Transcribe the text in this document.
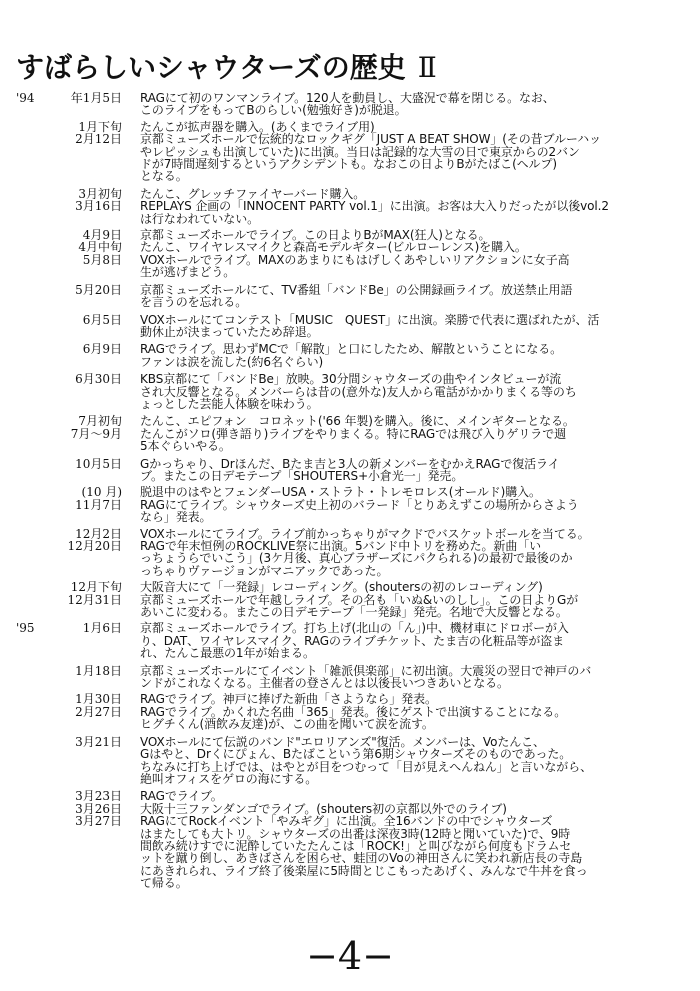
すばらしいシャウターズの歴史 Ⅱ
'94	年1月5日	RAGにて初のワンマンライブ。120人を動員し、大盛況で幕を閉じる。なお、
このライブをもってBのらしい(勉強好き)が脱退。
1月下旬	たんこが拡声器を購入。(あくまでライブ用)
2月12日	京都ミューズホールで伝統的なロックギグ「JUST A BEAT SHOW」(その昔ブルーハッ
やレピッシュも出演していた)に出演。当日は記録的な大雪の日で東京からの2バン
ドが7時間遅刻するというアクシデントも。なおこの日よりBがたばこ(ヘルプ)
となる。
3月初旬	たんこ、グレッチファイヤーバード購入。
3月16日	REPLAYS 企画の「INNOCENT PARTY vol.1」に出演。お客は大入りだったが以後vol.2
は行なわれていない。
4月9日	京都ミューズホールでライブ。この日よりBがMAX(狂人)となる。
4月中旬	たんこ、ワイヤレスマイクと森高モデルギター(ビルローレンス)を購入。
5月8日	VOXホールでライブ。MAXのあまりにもはげしくあやしいリアクションに女子高
生が逃げまどう。
5月20日	京都ミューズホールにて、TV番組「バンドBe」の公開録画ライブ。放送禁止用語
を言うのを忘れる。
6月5日	VOXホールにてコンテスト「MUSIC　QUEST」に出演。楽勝で代表に選ばれたが、活
動休止が決まっていたため辞退。
6月9日	RAGでライブ。思わずMCで「解散」と口にしたため、解散ということになる。
ファンは涙を流した(約6名ぐらい)
6月30日	KBS京都にて「バンドBe」放映。30分間シャウターズの曲やインタビューが流
され大反響となる。メンバーらは昔の(意外な)友人から電話がかかりまくる等のち
ょっとした芸能人体験を味わう。
7月初旬	たんこ、エピフォン　コロネット('66 年製)を購入。後に、メインギターとなる。
7月〜9月	たんこがソロ(弾き語り)ライブをやりまくる。特にRAGでは飛び入りゲリラで週
5本ぐらいやる。
10月5日	Gかっちゃり、Drほんだ、Bたま吉と3人の新メンバーをむかえRAGで復活ライ
ブ。またこの日デモテープ「SHOUTERS+小倉光一」発売。
(10 月)	脱退中のはやとフェンダーUSA・ストラト・トレモロレス(オールド)購入。
11月7日	RAGにてライブ。シャウターズ史上初のバラード「とりあえずこの場所からさよう
なら」発表。
12月2日	VOXホールにてライブ。ライブ前かっちゃりがマクドでバスケットボールを当てる。
12月20日	RAGで年末恒例のROCKLIVE祭に出演。5バンド中トリを務めた。新曲「い
っちょうらでいこう」(3ケ月後、真心ブラザーズにパクられる)の最初で最後のか
っちゃりヴァージョンがマニアックであった。
12月下旬	大阪音大にて「一発録」レコーディング。(shoutersの初のレコーディング)
12月31日	京都ミューズホールで年越しライブ。その名も「いぬ&いのしし」。この日よりGが
あいこに変わる。またこの日デモテープ「一発録」発売。名地で大反響となる。
'95	1月6日	京都ミューズホールでライブ。打ち上げ(北山の「ん」)中、機材車にドロボーが入
り、DAT、ワイヤレスマイク、RAGのライブチケット、たま吉の化粧品等が盗ま
れ、たんこ最悪の1年が始まる。
1月18日	京都ミューズホールにてイベント「雑派倶楽部」に初出演。大震災の翌日で神戸のバ
ンドがこれなくなる。主催者の登さんとは以後長いつきあいとなる。
1月30日	RAGでライブ。神戸に捧げた新曲「さようなら」発表。
2月27日	RAGでライブ。かくれた名曲「365」発表。後にゲストで出演することになる。
ヒグチくん(酒飲み友達)が、この曲を聞いて涙を流す。
3月21日	VOXホールにて伝説のバンド"エロリアンズ"復活。メンバーは、Voたんこ、
Gはやと、Drくにぴょん、Bたばこという第6期シャウターズそのものであった。
ちなみに打ち上げでは、はやとが目をつむって「目が見えへんねん」と言いながら、
絶叫オフィスをゲロの海にする。
3月23日	RAGでライブ。
3月26日	大阪十三ファンダンゴでライブ。(shouters初の京都以外でのライブ)
3月27日	RAGにてRockイベント「やみギグ」に出演。全16バンドの中でシャウターズ
はまたしても大トリ。シャウターズの出番は深夜3時(12時と聞いていた)で、9時
間飲み続けすでに泥酔していたたんこは「ROCK!」と叫びながら何度もドラムセ
ットを蹴り倒し、あきばさんを困らせ、蛙団のVoの神田さんに笑われ新店長の寺島
にあきれられ、ライブ終了後楽屋に5時間とじこもったあげく、みんなで牛丼を食っ
て帰る。
−4−
